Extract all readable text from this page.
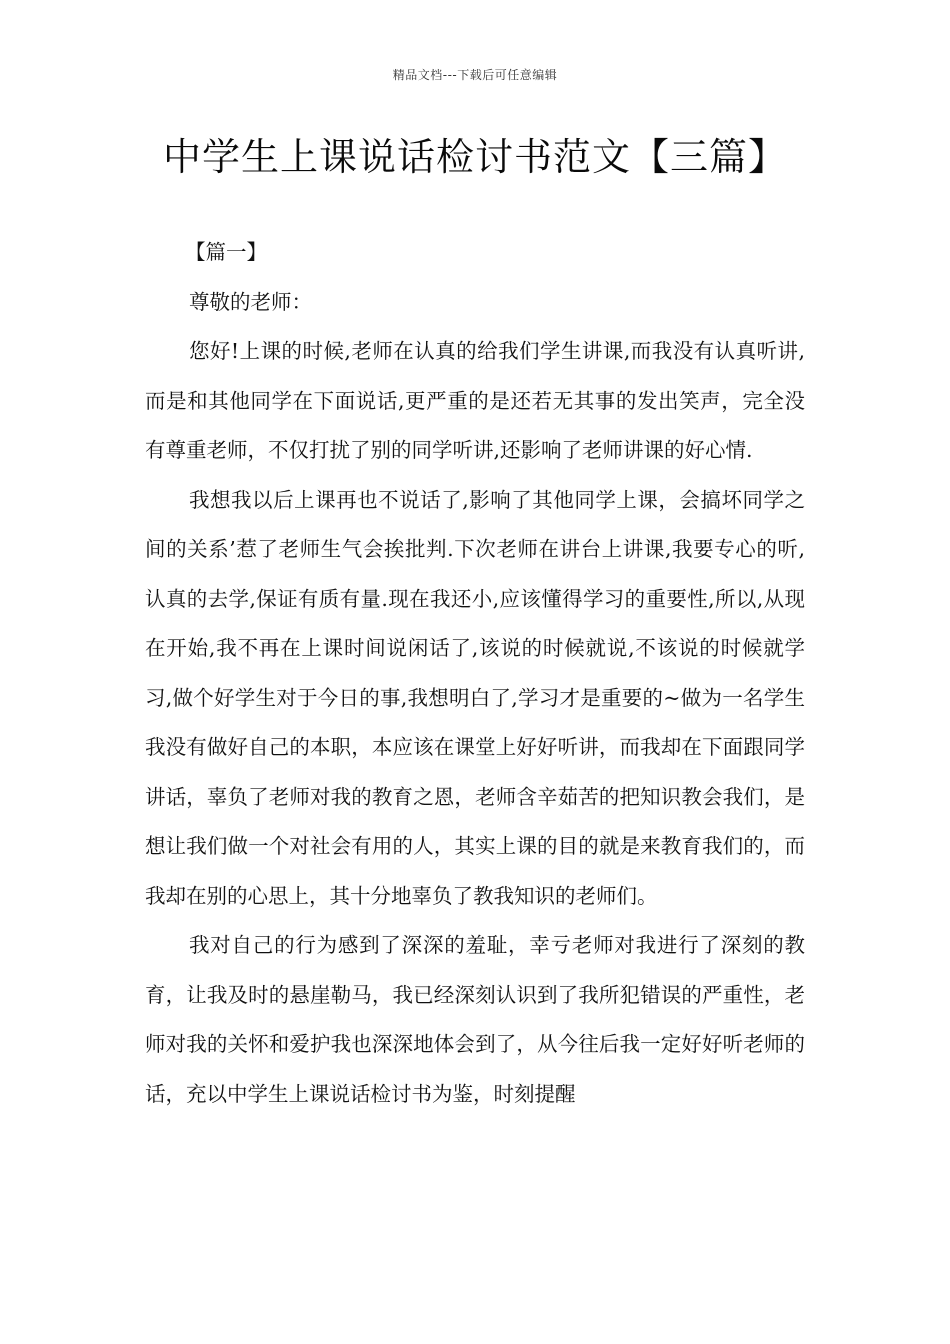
精品文档---下载后可任意编辑
中学生上课说话检讨书范文【三篇】

【篇一】

尊敬的老师：

您好!上课的时候,老师在认真的给我们学生讲课,而我没有认真听讲,而是和其他同学在下面说话,更严重的是还若无其事的发出笑声，完全没有尊重老师，不仅打扰了别的同学听讲,还影响了老师讲课的好心情.

我想我以后上课再也不说话了,影响了其他同学上课，会搞坏同学之间的关系’惹了老师生气会挨批判.下次老师在讲台上讲课,我要专心的听,认真的去学,保证有质有量.现在我还小,应该懂得学习的重要性,所以,从现在开始,我不再在上课时间说闲话了,该说的时候就说,不该说的时候就学习,做个好学生对于今日的事,我想明白了,学习才是重要的~做为一名学生我没有做好自己的本职，本应该在课堂上好好听讲，而我却在下面跟同学讲话，辜负了老师对我的教育之恩，老师含辛茹苦的把知识教会我们，是想让我们做一个对社会有用的人，其实上课的目的就是来教育我们的，而我却在别的心思上，其十分地辜负了教我知识的老师们。

我对自己的行为感到了深深的羞耻，幸亏老师对我进行了深刻的教育，让我及时的悬崖勒马，我已经深刻认识到了我所犯错误的严重性，老师对我的关怀和爱护我也深深地体会到了，从今往后我一定好好听老师的话，充以中学生上课说话检讨书为鉴，时刻提醒
